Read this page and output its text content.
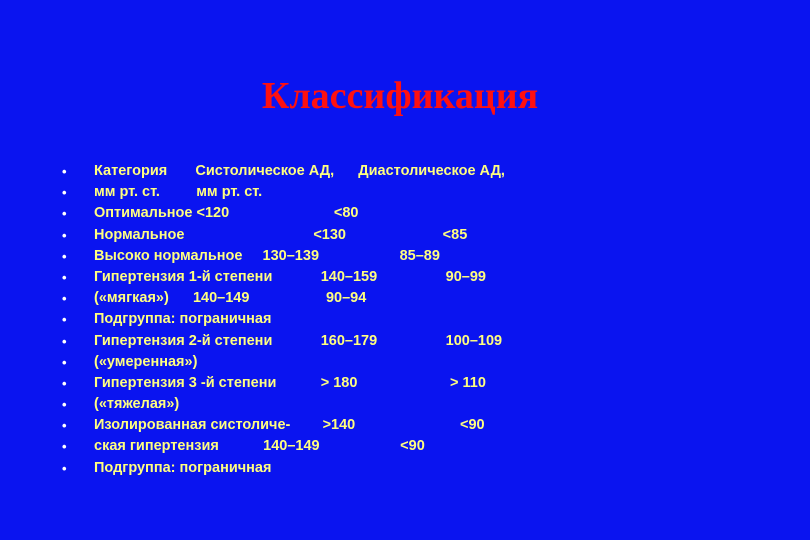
Классификация
• Категория       Систолическое АД,      Диастолическое АД,
• мм рт. ст.         мм рт. ст.
• Оптимальное <120                          <80
• Нормальное                                <130                        <85
• Высоко нормальное     130–139                    85–89
• Гипертензия 1-й степени            140–159                 90–99
• («мягкая»)      140–149                   90–94
• Подгруппа: пограничная
• Гипертензия 2-й степени            160–179                 100–109
• («умеренная»)
• Гипертензия 3 -й степени           > 180                       > 110
• («тяжелая»)
• Изолированная систоличе-        >140                          <90
• ская гипертензия           140–149                    <90
• Подгруппа: пограничная
